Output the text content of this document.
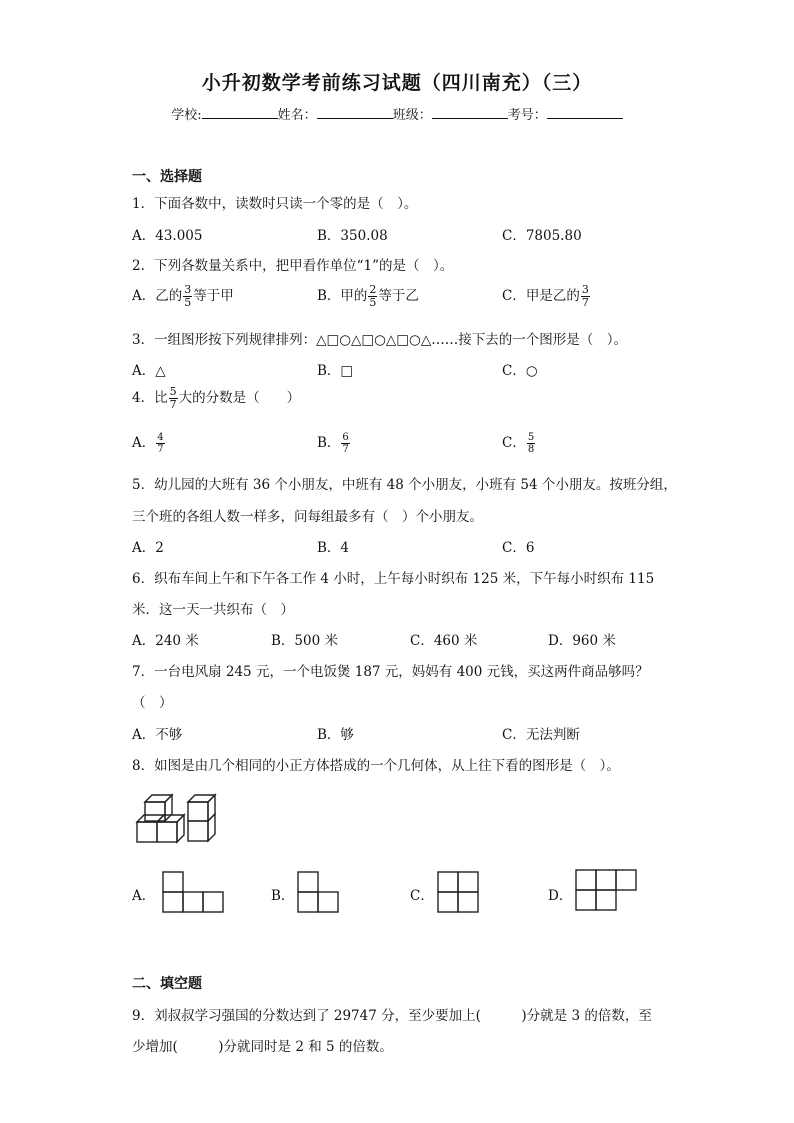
小升初数学考前练习试题（四川南充）（三）
学校:	姓名：	班级：	考号：
一、选择题
1．下面各数中，读数时只读一个零的是（　）。
A．43.005	B．350.08	C．7805.80
2．下列各数量关系中，把甲看作单位“1”的是（　）。
A．乙的 $\frac{3}{5}$ 等于甲	B．甲的 $\frac{2}{5}$ 等于乙	C．甲是乙的 $\frac{3}{7}$
3．一组图形按下列规律排列：△□○△□○△□○△……接下去的一个图形是（　）。
A．△	B．□	C．○
4．比 $\frac{5}{7}$ 大的分数是（　　）
A． $\frac{4}{7}$	B． $\frac{6}{7}$	C． $\frac{5}{8}$
5．幼儿园的大班有 36 个小朋友，中班有 48 个小朋友，小班有 54 个小朋友。按班分组，
三个班的各组人数一样多，问每组最多有（　）个小朋友。
A．2	B．4	C．6
6．织布车间上午和下午各工作 4 小时，上午每小时织布 125 米，下午每小时织布 115
米．这一天一共织布（　）
A．240 米	B．500 米	C．460 米	D．960 米
7．一台电风扇 245 元，一个电饭煲 187 元，妈妈有 400 元钱，买这两件商品够吗？
（　）
A．不够	B．够	C．无法判断
8．如图是由几个相同的小正方体搭成的一个几何体，从上往下看的图形是（　）。
A．	B．	C．	D．
二、填空题
9．刘叔叔学习强国的分数达到了 29747 分，至少要加上(　　　)分就是 3 的倍数，至
少增加(　　　)分就同时是 2 和 5 的倍数。
